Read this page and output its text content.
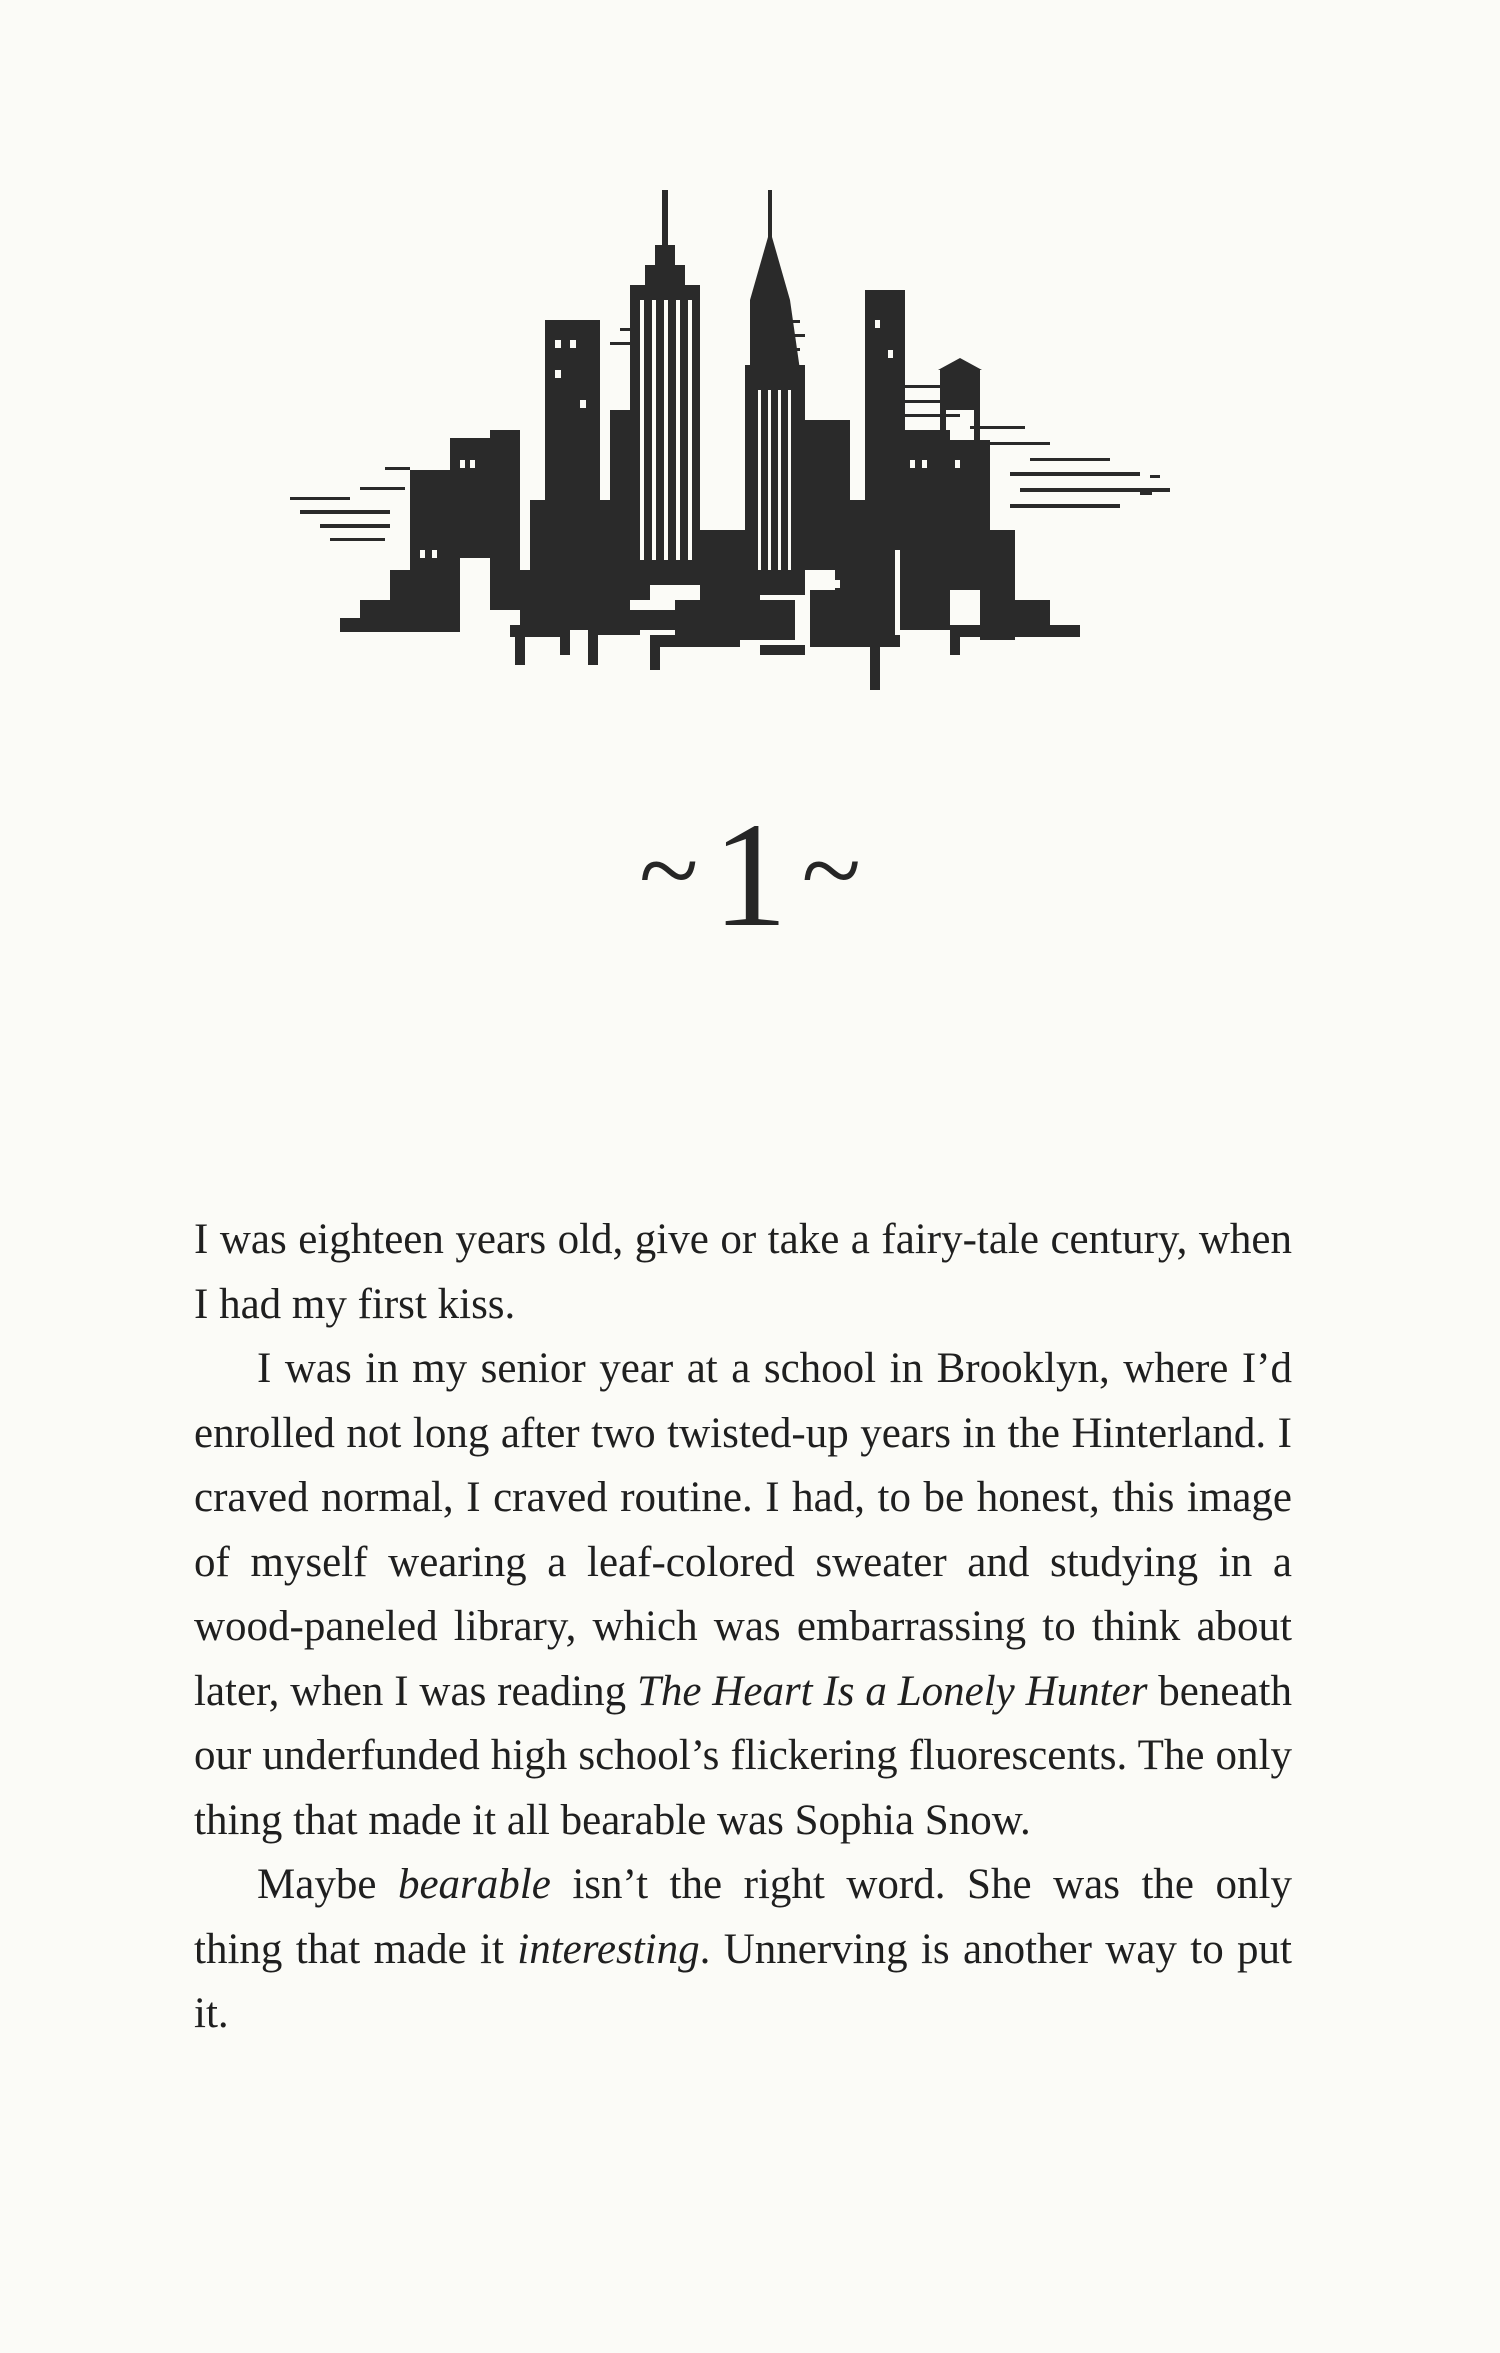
~1 ~

I was eighteen years old, give or take a fairy-tale century, when I had my first kiss.

I was in my senior year at a school in Brooklyn, where I’d enrolled not long after two twisted-up years in the Hinterland. I craved normal, I craved routine. I had, to be honest, this image of myself wearing a leaf-colored sweater and studying in a wood-paneled library, which was embarrassing to think about later, when I was reading The Heart Is a Lonely Hunter beneath our underfunded high school’s flickering fluorescents. The only thing that made it all bearable was Sophia Snow.

Maybe bearable isn’t the right word. She was the only thing that made it interesting. Unnerving is another way to put it.
